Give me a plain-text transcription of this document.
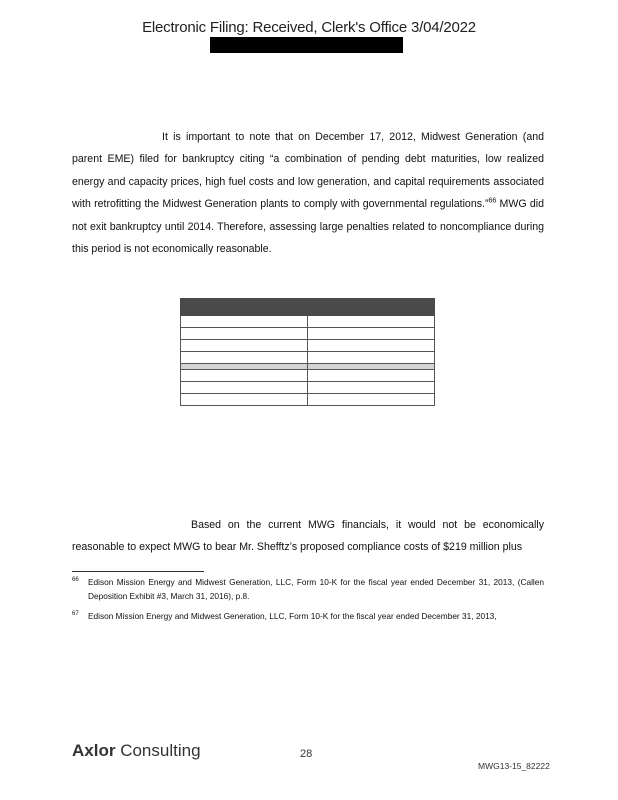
Electronic Filing: Received, Clerk's Office 3/04/2022

It is important to note that on December 17, 2012, Midwest Generation (and parent EME) filed for bankruptcy citing “a combination of pending debt maturities, low realized energy and capacity prices, high fuel costs and low generation, and capital requirements associated with retrofitting the Midwest Generation plants to comply with governmental regulations.”$^{66}$ MWG did not exit bankruptcy until 2014. Therefore, assessing large penalties related to noncompliance during this period is not economically reasonable.

Based on the current MWG financials, it would not be economically reasonable to expect MWG to bear Mr. Shefftz’s proposed compliance costs of $219 million plus

66 Edison Mission Energy and Midwest Generation, LLC, Form 10-K for the fiscal year ended December 31, 2013, (Callen Deposition Exhibit #3, March 31, 2016), p.8.
67 Edison Mission Energy and Midwest Generation, LLC, Form 10-K for the fiscal year ended December 31, 2013,
Axlor Consulting	28
MWG13-15_82222
